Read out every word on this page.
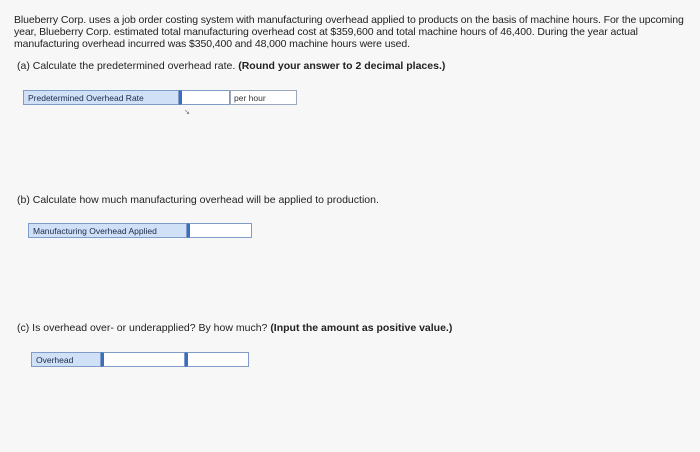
Blueberry Corp. uses a job order costing system with manufacturing overhead applied to products on the basis of machine hours. For the upcoming year, Blueberry Corp. estimated total manufacturing overhead cost at $359,600 and total machine hours of 46,400. During the year actual manufacturing overhead incurred was $350,400 and 48,000 machine hours were used.
(a) Calculate the predetermined overhead rate. (Round your answer to 2 decimal places.)
Predetermined Overhead Rate	per hour
↘
(b) Calculate how much manufacturing overhead will be applied to production.
Manufacturing Overhead Applied
(c) Is overhead over- or underapplied? By how much? (Input the amount as positive value.)
Overhead
